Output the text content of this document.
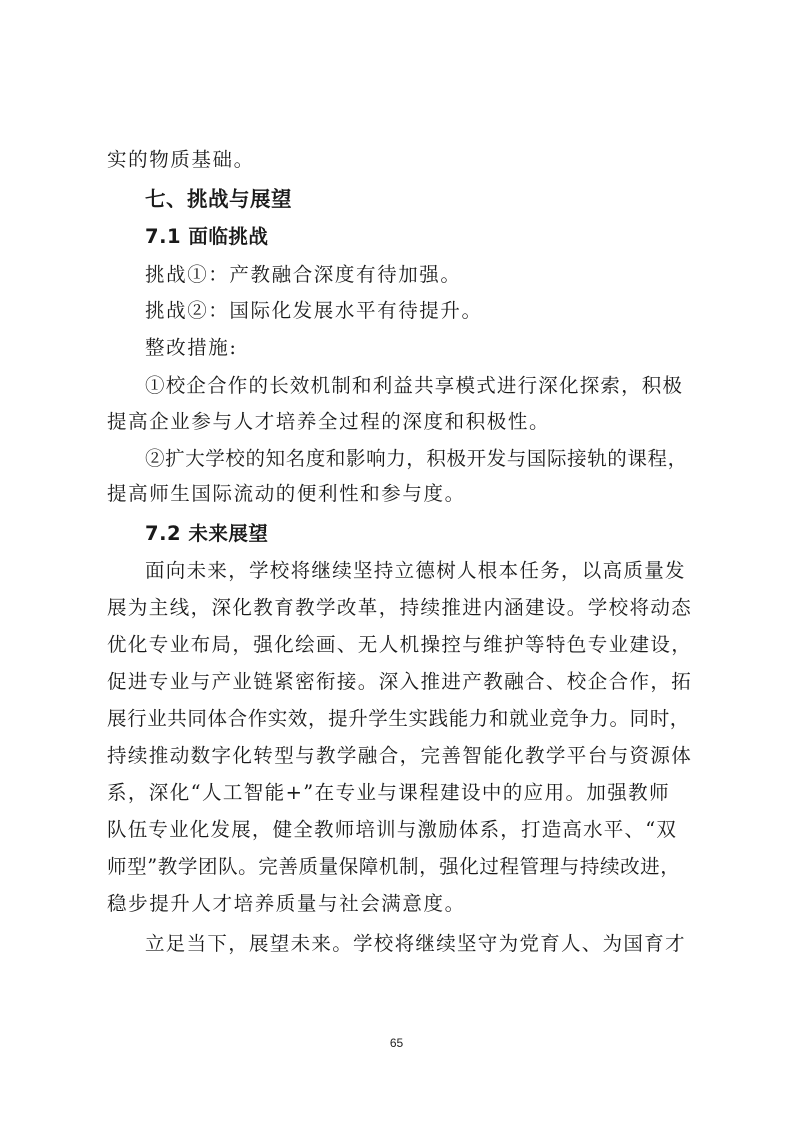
实的物质基础。
七、挑战与展望
7.1 面临挑战
挑战①：产教融合深度有待加强。
挑战②：国际化发展水平有待提升。
整改措施:
①校企合作的长效机制和利益共享模式进行深化探索，积极
提高企业参与人才培养全过程的深度和积极性。
②扩大学校的知名度和影响力，积极开发与国际接轨的课程，
提高师生国际流动的便利性和参与度。
7.2 未来展望
面向未来，学校将继续坚持立德树人根本任务，以高质量发
展为主线，深化教育教学改革，持续推进内涵建设。学校将动态
优化专业布局，强化绘画、无人机操控与维护等特色专业建设，
促进专业与产业链紧密衔接。深入推进产教融合、校企合作，拓
展行业共同体合作实效，提升学生实践能力和就业竞争力。同时，
持续推动数字化转型与教学融合，完善智能化教学平台与资源体
系，深化“人工智能+”在专业与课程建设中的应用。加强教师
队伍专业化发展，健全教师培训与激励体系，打造高水平、“双
师型”教学团队。完善质量保障机制，强化过程管理与持续改进，
稳步提升人才培养质量与社会满意度。
立足当下，展望未来。学校将继续坚守为党育人、为国育才
65
